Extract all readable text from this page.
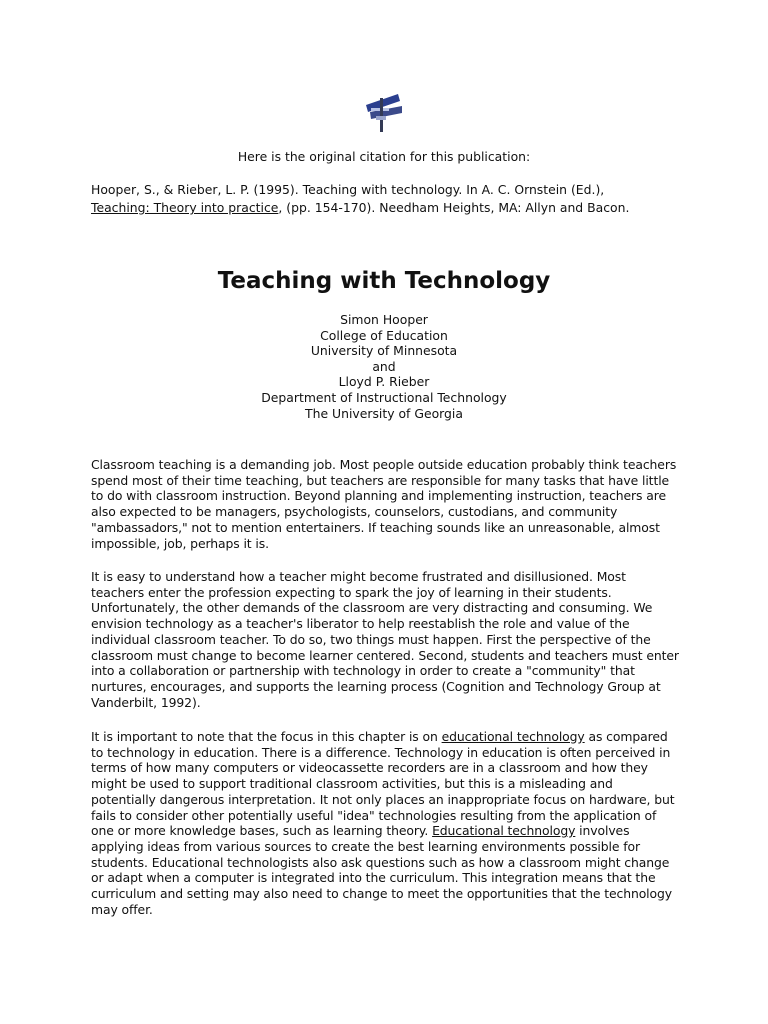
Here is the original citation for this publication:
Hooper, S., & Rieber, L. P. (1995). Teaching with technology. In A. C. Ornstein (Ed.),
Teaching: Theory into practice, (pp. 154-170). Needham Heights, MA: Allyn and Bacon.
Teaching with Technology
Simon Hooper
College of Education
University of Minnesota
and
Lloyd P. Rieber
Department of Instructional Technology
The University of Georgia

Classroom teaching is a demanding job. Most people outside education probably think teachers spend most of their time teaching, but teachers are responsible for many tasks that have little to do with classroom instruction. Beyond planning and implementing instruction, teachers are also expected to be managers, psychologists, counselors, custodians, and community "ambassadors," not to mention entertainers. If teaching sounds like an unreasonable, almost impossible, job, perhaps it is.

It is easy to understand how a teacher might become frustrated and disillusioned. Most teachers enter the profession expecting to spark the joy of learning in their students. Unfortunately, the other demands of the classroom are very distracting and consuming. We envision technology as a teacher's liberator to help reestablish the role and value of the individual classroom teacher. To do so, two things must happen. First the perspective of the classroom must change to become learner centered. Second, students and teachers must enter into a collaboration or partnership with technology in order to create a "community" that nurtures, encourages, and supports the learning process (Cognition and Technology Group at Vanderbilt, 1992).

It is important to note that the focus in this chapter is on educational technology as compared to technology in education. There is a difference. Technology in education is often perceived in terms of how many computers or videocassette recorders are in a classroom and how they might be used to support traditional classroom activities, but this is a misleading and potentially dangerous interpretation. It not only places an inappropriate focus on hardware, but fails to consider other potentially useful "idea" technologies resulting from the application of one or more knowledge bases, such as learning theory. Educational technology involves applying ideas from various sources to create the best learning environments possible for students. Educational technologists also ask questions such as how a classroom might change or adapt when a computer is integrated into the curriculum. This integration means that the curriculum and setting may also need to change to meet the opportunities that the technology may offer.
